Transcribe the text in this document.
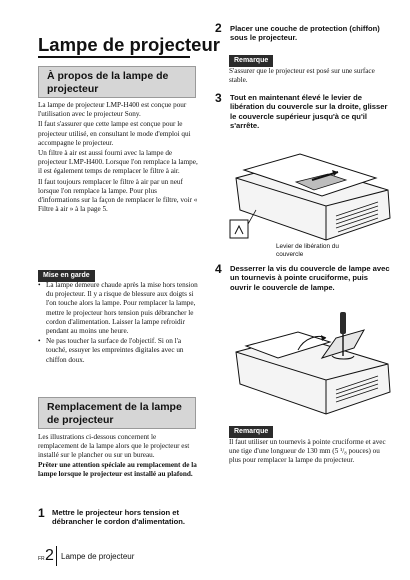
Lampe de projecteur
À propos de la lampe de projecteur

La lampe de projecteur LMP-H400 est conçue pour l'utilisation avec le projecteur Sony.

Il faut s'assurer que cette lampe est conçue pour le projecteur utilisé, en consultant le mode d'emploi qui accompagne le projecteur.

Un filtre à air est aussi fourni avec la lampe de projecteur LMP-H400. Lorsque l'on remplace la lampe, il est également temps de remplacer le filtre à air.

Il faut toujours remplacer le filtre à air par un neuf lorsque l'on remplace la lampe. Pour plus d'informations sur la façon de remplacer le filtre, voir « Filtre à air » à la page 5.

Mise en garde
• La lampe demeure chaude après la mise hors tension du projecteur. Il y a risque de blessure aux doigts si l'on touche alors la lampe. Pour remplacer la lampe, mettre le projecteur hors tension puis débrancher le cordon d'alimentation. Laisser la lampe refroidir pendant au moins une heure.
• Ne pas toucher la surface de l'objectif. Si on l'a touché, essuyer les empreintes digitales avec un chiffon doux.
Remplacement de la lampe de projecteur

Les illustrations ci-dessous concernent le remplacement de la lampe alors que le projecteur est installé sur le plancher ou sur un bureau.

Prêter une attention spéciale au remplacement de la lampe lorsque le projecteur est installé au plafond.

1 Mettre le projecteur hors tension et débrancher le cordon d'alimentation.

FR 2 Lampe de projecteur
2 Placer une couche de protection (chiffon) sous le projecteur.

Remarque

S'assurer que le projecteur est posé sur une surface stable.

3 Tout en maintenant élevé le levier de libération du couvercle sur la droite, glisser le couvercle supérieur jusqu'à ce qu'il s'arrête.

Levier de libération du couvercle

4 Desserrer la vis du couvercle de lampe avec un tournevis à pointe cruciforme, puis ouvrir le couvercle de lampe.

Remarque

Il faut utiliser un tournevis à pointe cruciforme et avec une tige d'une longueur de 130 mm (5 ¹/₈ pouces) ou plus pour remplacer la lampe du projecteur.
